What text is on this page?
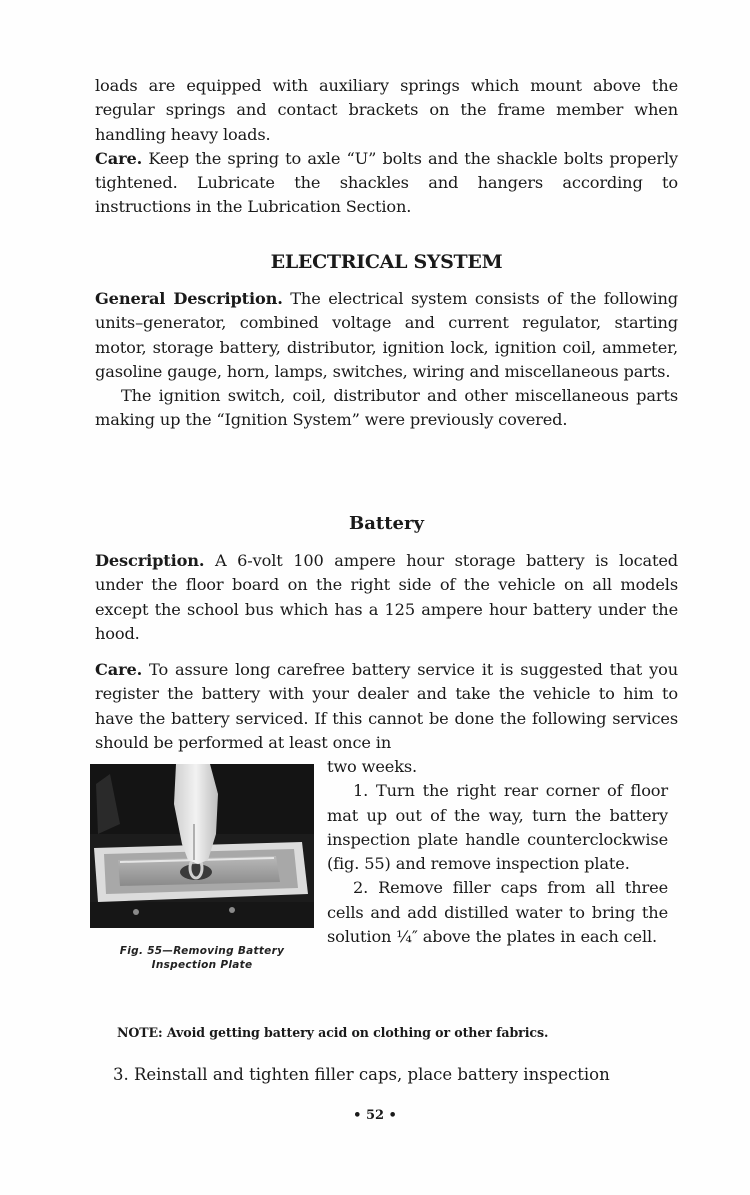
loads are equipped with auxiliary springs which mount above the regular springs and contact brackets on the frame member when handling heavy loads.

Care. Keep the spring to axle “U” bolts and the shackle bolts properly tightened. Lubricate the shackles and hangers according to instructions in the Lubrication Section.

ELECTRICAL SYSTEM

General Description. The electrical system consists of the following units–generator, combined voltage and current regulator, starting motor, storage battery, distributor, ignition lock, ignition coil, ammeter, gasoline gauge, horn, lamps, switches, wiring and miscellaneous parts.

The ignition switch, coil, distributor and other miscellaneous parts making up the “Ignition System” were previously covered.

Battery

Description. A 6-volt 100 ampere hour storage battery is located under the floor board on the right side of the vehicle on all models except the school bus which has a 125 ampere hour battery under the hood.

Care. To assure long carefree battery service it is suggested that you register the battery with your dealer and take the vehicle to him to have the battery serviced. If this cannot be done the following services should be performed at least once in

Fig. 55—Removing Battery
Inspection Plate

two weeks.

1. Turn the right rear corner of floor mat up out of the way, turn the battery inspection plate handle counterclockwise (fig. 55) and remove inspection plate.

2. Remove filler caps from all three cells and add distilled water to bring the solution ¼″ above the plates in each cell.

NOTE: Avoid getting battery acid on clothing or other fabrics.
3. Reinstall and tighten filler caps, place battery inspection
• 52 •
